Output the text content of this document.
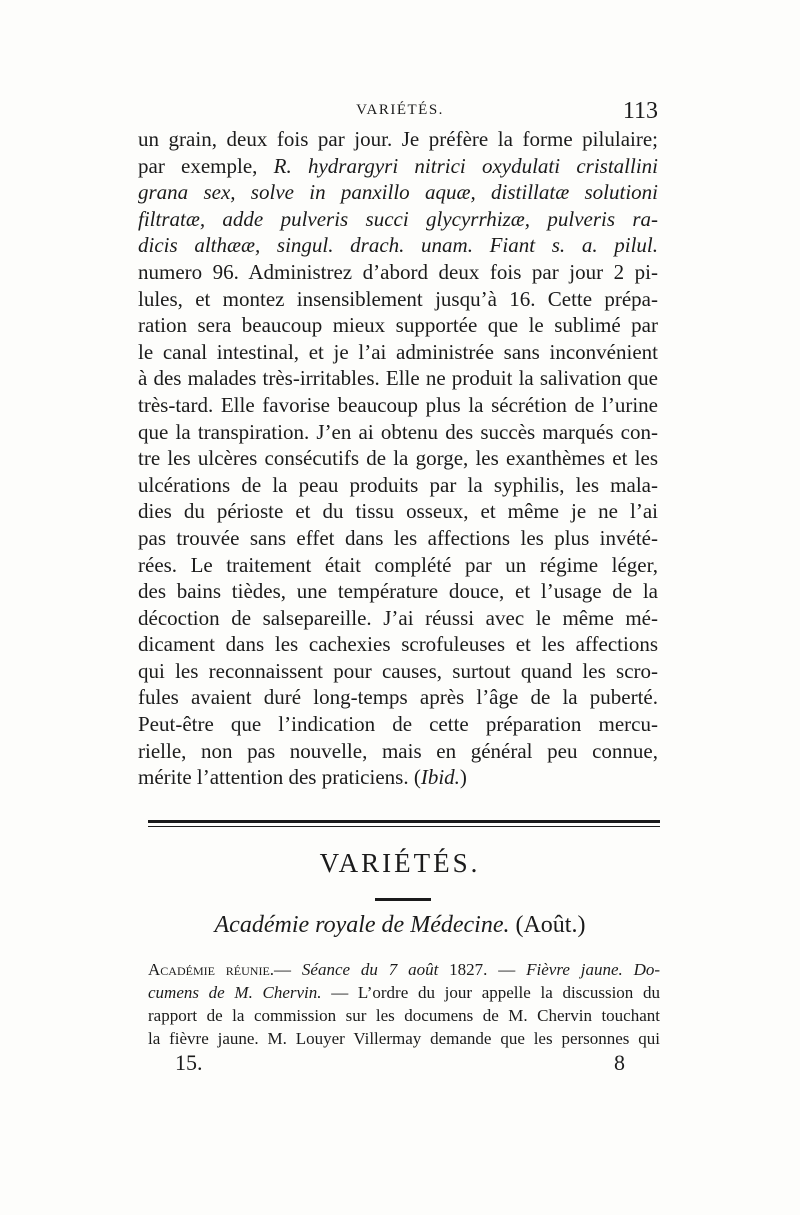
VARIÉTÉS.	113
un grain, deux fois par jour. Je préfère la forme pilulaire;
par exemple, R. hydrargyri nitrici oxydulati cristallini
grana sex, solve in panxillo aquæ, distillatæ solutioni
filtratæ, adde pulveris succi glycyrrhizæ, pulveris ra-
dicis althææ, singul. drach. unam. Fiant s. a. pilul.
numero 96. Administrez d’abord deux fois par jour 2 pi-
lules, et montez insensiblement jusqu’à 16. Cette prépa-
ration sera beaucoup mieux supportée que le sublimé par
le canal intestinal, et je l’ai administrée sans inconvénient
à des malades très-irritables. Elle ne produit la salivation que
très-tard. Elle favorise beaucoup plus la sécrétion de l’urine
que la transpiration. J’en ai obtenu des succès marqués con-
tre les ulcères consécutifs de la gorge, les exanthèmes et les
ulcérations de la peau produits par la syphilis, les mala-
dies du périoste et du tissu osseux, et même je ne l’ai
pas trouvée sans effet dans les affections les plus invété-
rées. Le traitement était complété par un régime léger,
des bains tièdes, une température douce, et l’usage de la
décoction de salsepareille. J’ai réussi avec le même mé-
dicament dans les cachexies scrofuleuses et les affections
qui les reconnaissent pour causes, surtout quand les scro-
fules avaient duré long-temps après l’âge de la puberté.
Peut-être que l’indication de cette préparation mercu-
rielle, non pas nouvelle, mais en général peu connue,
mérite l’attention des praticiens. (Ibid.)
VARIÉTÉS.
Académie royale de Médecine. (Août.)
Académie réunie.— Séance du 7 août 1827. — Fièvre jaune. Do-
cumens de M. Chervin. — L’ordre du jour appelle la discussion du
rapport de la commission sur les documens de M. Chervin touchant
la fièvre jaune. M. Louyer Villermay demande que les personnes qui
15.	8
